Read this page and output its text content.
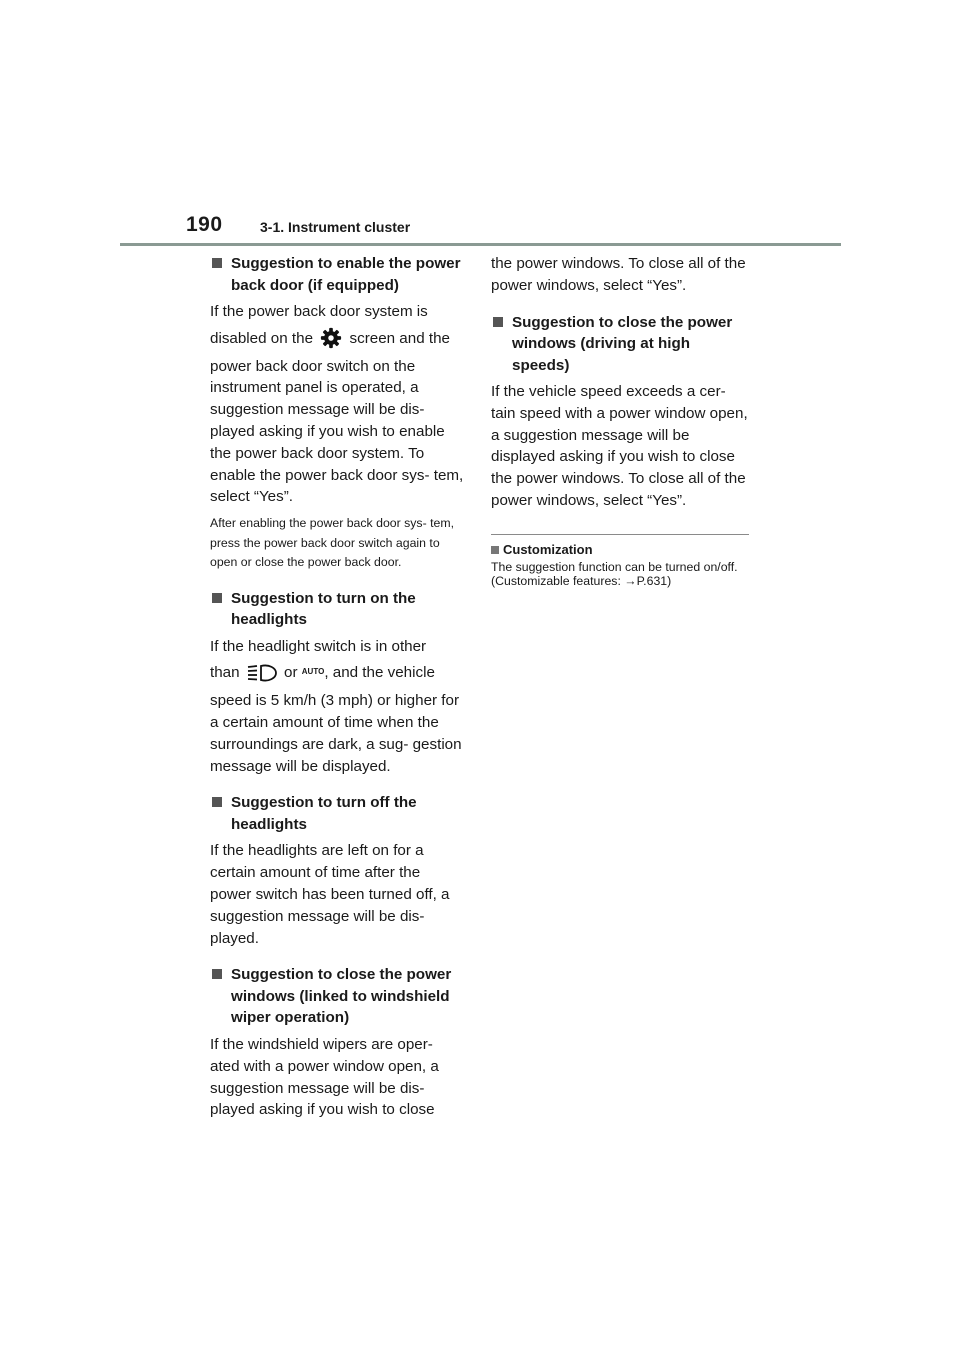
190	3-1. Instrument cluster
Suggestion to enable the power back door (if equipped)
If the power back door system is
disabled on the screen and the power back door switch on the instrument panel is operated, a suggestion message will be dis- played asking if you wish to enable the power back door system. To enable the power back door sys- tem, select “Yes”.
After enabling the power back door sys- tem, press the power back door switch again to open or close the power back door.
Suggestion to turn on the headlights
If the headlight switch is in other
than	or AUTO, and the vehicle speed is 5 km/h (3 mph) or higher for a certain amount of time when the surroundings are dark, a sug- gestion message will be displayed.
Suggestion to turn off the headlights
If the headlights are left on for a certain amount of time after the power switch has been turned off, a suggestion message will be dis- played.
Suggestion to close the power windows (linked to windshield wiper operation)
If the windshield wipers are oper- ated with a power window open, a suggestion message will be dis- played asking if you wish to close
the power windows. To close all of the power windows, select “Yes”.
Suggestion to close the power windows (driving at high speeds)
If the vehicle speed exceeds a cer- tain speed with a power window open, a suggestion message will be displayed asking if you wish to close the power windows. To close all of the power windows, select “Yes”.
Customization
The suggestion function can be turned on/off. (Customizable features: →P.631)
